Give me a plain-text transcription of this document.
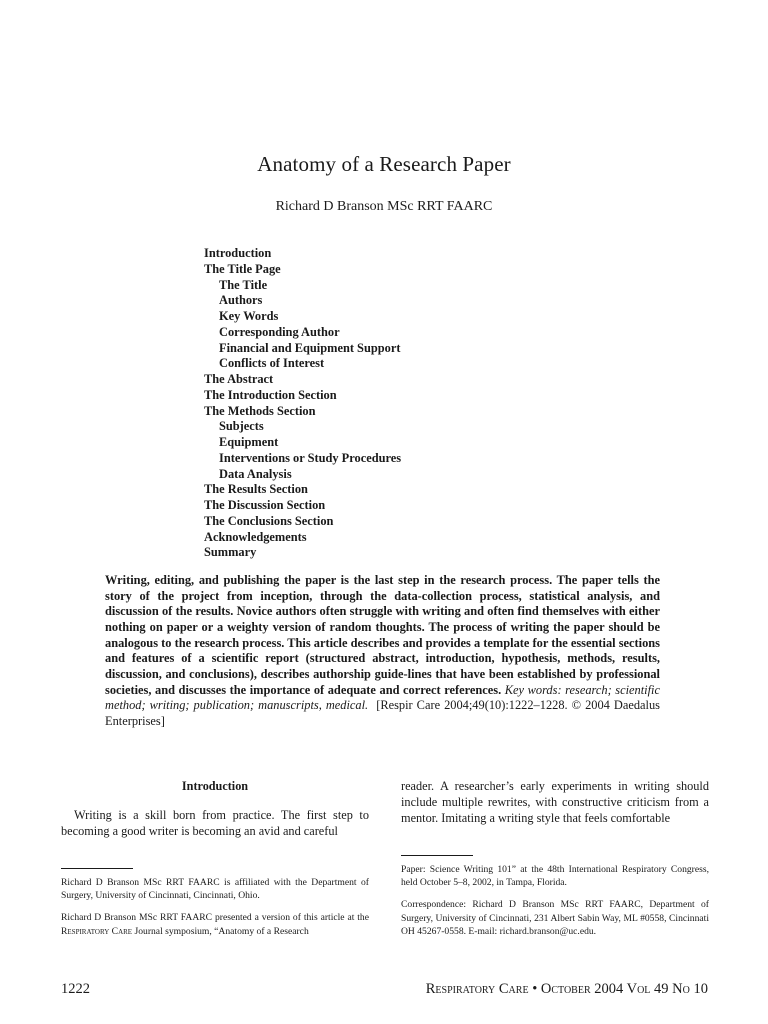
Anatomy of a Research Paper
Richard D Branson MSc RRT FAARC
Introduction
The Title Page
The Title
Authors
Key Words
Corresponding Author
Financial and Equipment Support
Conflicts of Interest
The Abstract
The Introduction Section
The Methods Section
Subjects
Equipment
Interventions or Study Procedures
Data Analysis
The Results Section
The Discussion Section
The Conclusions Section
Acknowledgements
Summary
Writing, editing, and publishing the paper is the last step in the research process. The paper tells the story of the project from inception, through the data-collection process, statistical analysis, and discussion of the results. Novice authors often struggle with writing and often find themselves with either nothing on paper or a weighty version of random thoughts. The process of writing the paper should be analogous to the research process. This article describes and provides a template for the essential sections and features of a scientific report (structured abstract, introduction, hypothesis, methods, results, discussion, and conclusions), describes authorship guide-lines that have been established by professional societies, and discusses the importance of adequate and correct references. Key words: research; scientific method; writing; publication; manuscripts, medical. [Respir Care 2004;49(10):1222–1228. © 2004 Daedalus Enterprises]
Introduction

Writing is a skill born from practice. The first step to becoming a good writer is becoming an avid and careful

reader. A researcher’s early experiments in writing should include multiple rewrites, with constructive criticism from a mentor. Imitating a writing style that feels comfortable

Richard D Branson MSc RRT FAARC is affiliated with the Department of Surgery, University of Cincinnati, Cincinnati, Ohio.

Richard D Branson MSc RRT FAARC presented a version of this article at the Respiratory Care Journal symposium, “Anatomy of a Research

Paper: Science Writing 101” at the 48th International Respiratory Congress, held October 5–8, 2002, in Tampa, Florida.

Correspondence: Richard D Branson MSc RRT FAARC, Department of Surgery, University of Cincinnati, 231 Albert Sabin Way, ML #0558, Cincinnati OH 45267-0558. E-mail: richard.branson@uc.edu.

1222	Respiratory Care • October 2004 Vol 49 No 10
